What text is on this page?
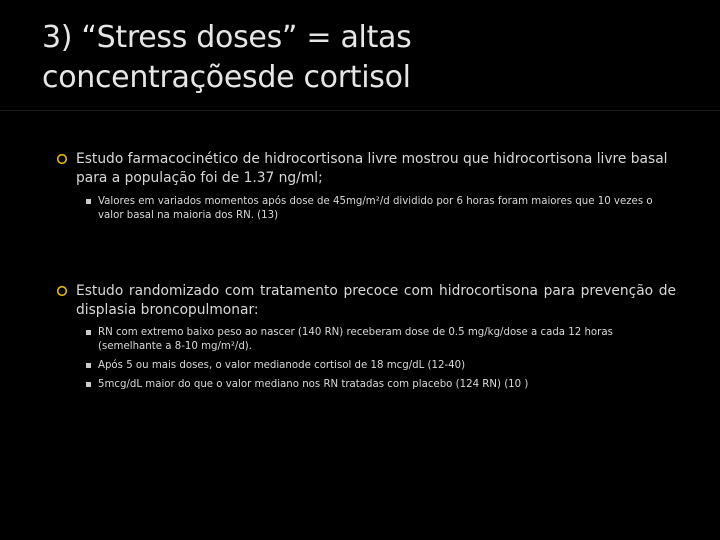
3) “Stress doses” = altas
concentraçõesde cortisol
Estudo farmacocinético de hidrocortisona livre mostrou que hidrocortisona livre basal para a população foi de 1.37 ng/ml;
Valores em variados momentos após dose de 45mg/m²/d dividido por 6 horas foram maiores que 10 vezes o valor basal na maioria dos RN. (13)
Estudo randomizado com tratamento precoce com hidrocortisona para prevenção de displasia broncopulmonar:
RN com extremo baixo peso ao nascer (140 RN) receberam dose de 0.5 mg/kg/dose a cada 12 horas (semelhante a 8-10 mg/m²/d).
Após 5 ou mais doses, o valor medianode cortisol de 18 mcg/dL (12-40)
5mcg/dL maior do que o valor mediano nos RN tratadas com placebo (124 RN) (10 )
